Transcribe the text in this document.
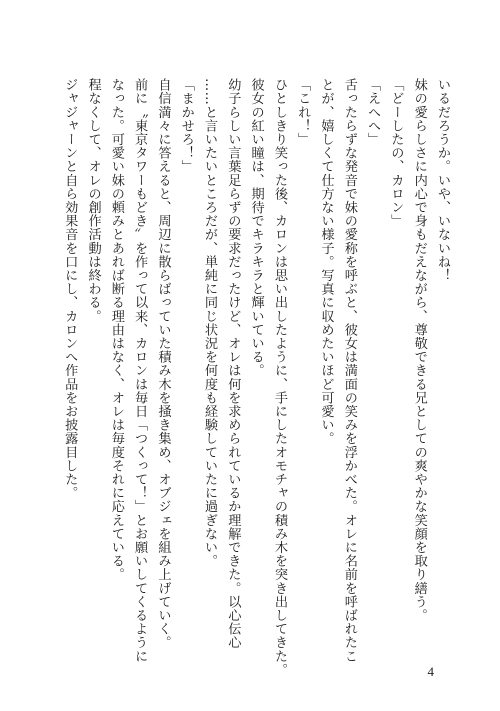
いるだろうか。いや、いないね！
妹の愛らしさに内心で身もだえながら、尊敬できる兄としての爽やかな笑顔を取り繕う。
「どーしたの、カロン」
「えへへ」
舌ったらずな発音で妹の愛称を呼ぶと、彼女は満面の笑みを浮かべた。オレに名前を呼ばれたこ
とが、嬉しくて仕方ない様子。写真に収めたいほど可愛い。
「これ！」
ひとしきり笑った後、カロンは思い出したように、手にしたオモチャの積み木を突き出してきた。
彼女の紅い瞳は、期待でキラキラと輝いている。
幼子らしい言葉足らずの要求だったけど、オレは何を求められているか理解できた。以心伝心
……と言いたいところだが、単純に同じ状況を何度も経験していたに過ぎない。
「まかせろ！」
自信満々に答えると、周辺に散らばっていた積み木を掻き集め、オブジェを組み上げていく。
前に〝東京タワーもどき〟を作って以来、カロンは毎日「つくって！」とお願いしてくるように
なった。可愛い妹の頼みとあれば断る理由はなく、オレは毎度それに応えている。
程なくして、オレの創作活動は終わる。
ジャジャーンと自ら効果音を口にし、カロンへ作品をお披露目した。
4
